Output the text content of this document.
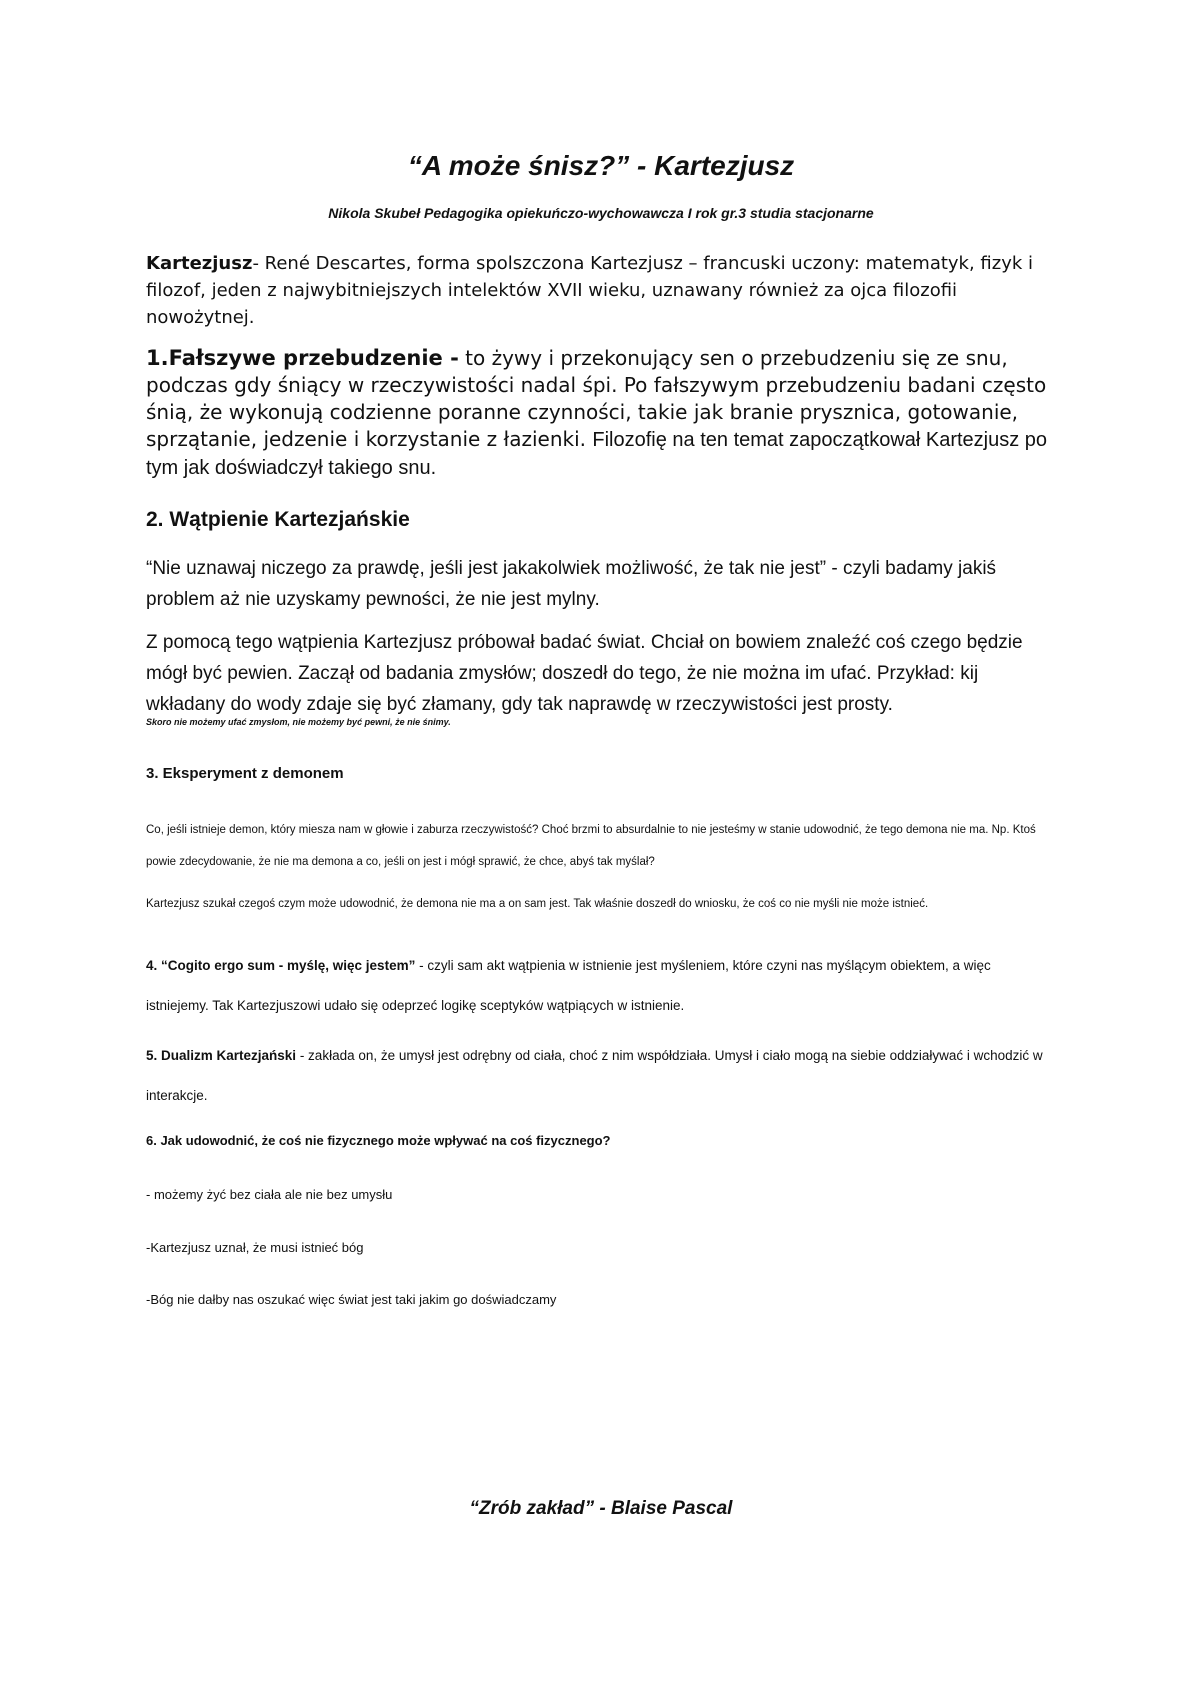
“A może śnisz?” - Kartezjusz

Nikola Skubeł Pedagogika opiekuńczo-wychowawcza I rok gr.3 studia stacjonarne

Kartezjusz- René Descartes, forma spolszczona Kartezjusz – francuski uczony: matematyk, fizyk i filozof, jeden z najwybitniejszych intelektów XVII wieku, uznawany również za ojca filozofii nowożytnej.

1.Fałszywe przebudzenie - to żywy i przekonujący sen o przebudzeniu się ze snu, podczas gdy śniący w rzeczywistości nadal śpi. Po fałszywym przebudzeniu badani często śnią, że wykonują codzienne poranne czynności, takie jak branie prysznica, gotowanie, sprzątanie, jedzenie i korzystanie z łazienki. Filozofię na ten temat zapoczątkował Kartezjusz po tym jak doświadczył takiego snu.

2. Wątpienie Kartezjańskie

“Nie uznawaj niczego za prawdę, jeśli jest jakakolwiek możliwość, że tak nie jest” - czyli badamy jakiś problem aż nie uzyskamy pewności, że nie jest mylny.

Z pomocą tego wątpienia Kartezjusz próbował badać świat. Chciał on bowiem znaleźć coś czego będzie mógł być pewien. Zaczął od badania zmysłów; doszedł do tego, że nie można im ufać. Przykład: kij wkładany do wody zdaje się być złamany, gdy tak naprawdę w rzeczywistości jest prosty.

Skoro nie możemy ufać zmysłom, nie możemy być pewni, że nie śnimy.

3. Eksperyment z demonem

Co, jeśli istnieje demon, który miesza nam w głowie i zaburza rzeczywistość? Choć brzmi to absurdalnie to nie jesteśmy w stanie udowodnić, że tego demona nie ma. Np. Ktoś powie zdecydowanie, że nie ma demona a co, jeśli on jest i mógł sprawić, że chce, abyś tak myślał?

Kartezjusz szukał czegoś czym może udowodnić, że demona nie ma a on sam jest. Tak właśnie doszedł do wniosku, że coś co nie myśli nie może istnieć.

4. “Cogito ergo sum - myślę, więc jestem” - czyli sam akt wątpienia w istnienie jest myśleniem, które czyni nas myślącym obiektem, a więc istniejemy. Tak Kartezjuszowi udało się odeprzeć logikę sceptyków wątpiących w istnienie.

5. Dualizm Kartezjański - zakłada on, że umysł jest odrębny od ciała, choć z nim współdziała. Umysł i ciało mogą na siebie oddziaływać i wchodzić w interakcje.

6. Jak udowodnić, że coś nie fizycznego może wpływać na coś fizycznego?

- możemy żyć bez ciała ale nie bez umysłu

-Kartezjusz uznał, że musi istnieć bóg

-Bóg nie dałby nas oszukać więc świat jest taki jakim go doświadczamy

“Zrób zakład” - Blaise Pascal
